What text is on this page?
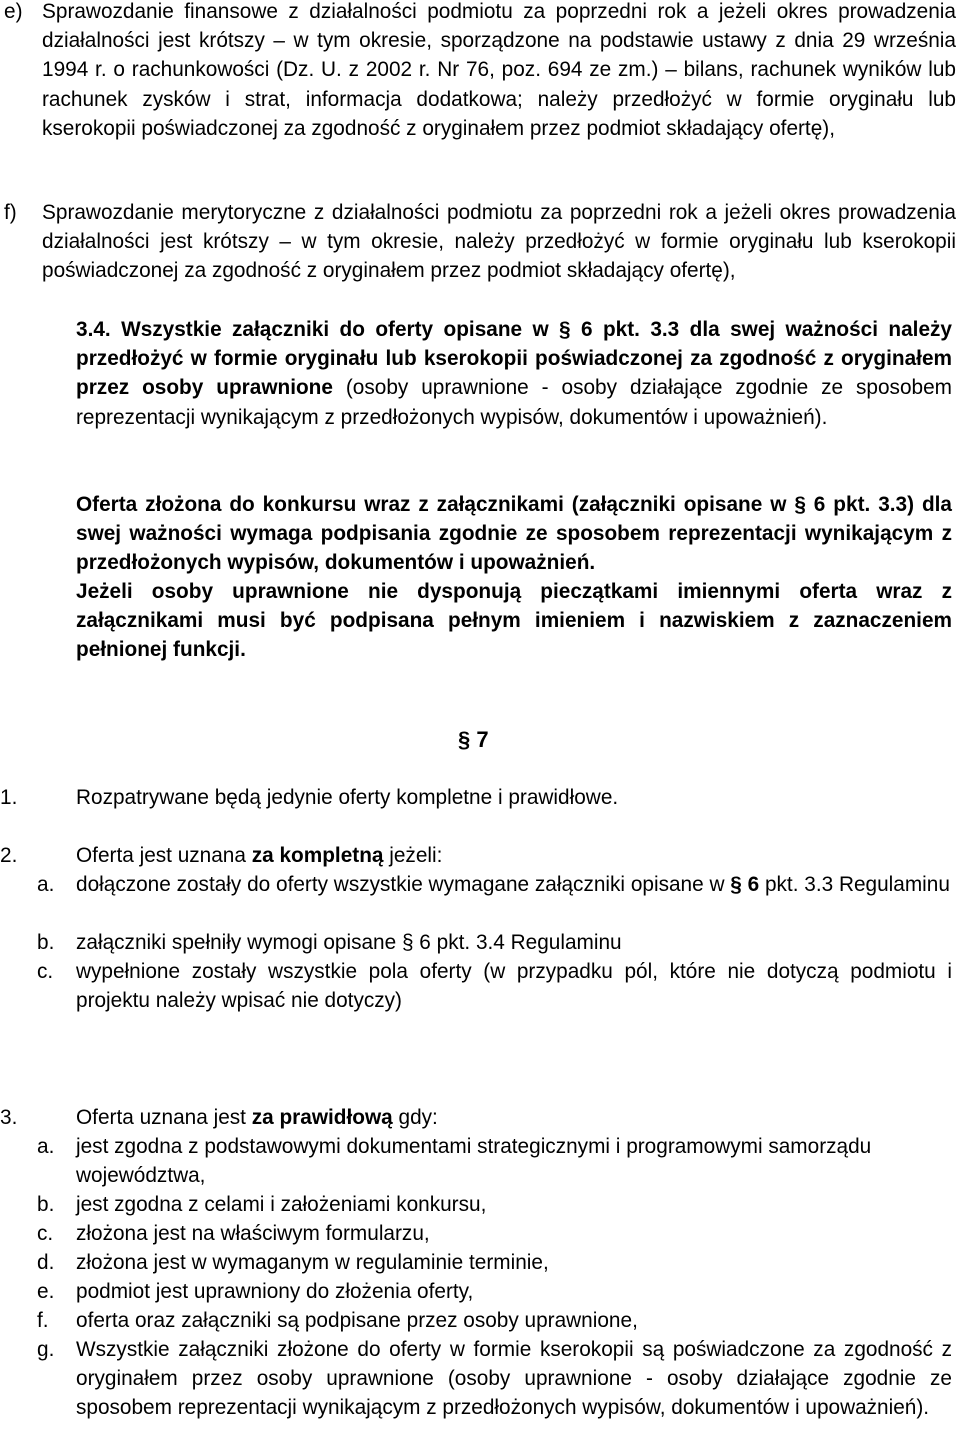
e) Sprawozdanie finansowe z działalności podmiotu za poprzedni rok a jeżeli okres prowadzenia działalności jest krótszy – w tym okresie, sporządzone na podstawie ustawy z dnia 29 września 1994 r. o rachunkowości (Dz. U. z 2002 r. Nr 76, poz. 694 ze zm.) – bilans, rachunek wyników lub rachunek zysków i strat, informacja dodatkowa; należy przedłożyć w formie oryginału lub kserokopii poświadczonej za zgodność z oryginałem przez podmiot składający ofertę),
f)	Sprawozdanie merytoryczne z działalności podmiotu za poprzedni rok a jeżeli okres prowadzenia działalności jest krótszy – w tym okresie, należy przedłożyć w formie oryginału lub kserokopii poświadczonej za zgodność z oryginałem przez podmiot składający ofertę),
3.4. Wszystkie załączniki do oferty opisane w § 6 pkt. 3.3 dla swej ważności należy przedłożyć w formie oryginału lub kserokopii poświadczonej za zgodność z oryginałem przez osoby uprawnione (osoby uprawnione - osoby działające zgodnie ze sposobem reprezentacji wynikającym z przedłożonych wypisów, dokumentów i upoważnień).
Oferta złożona do konkursu wraz z załącznikami (załączniki opisane w § 6 pkt. 3.3) dla swej ważności wymaga podpisania zgodnie ze sposobem reprezentacji wynikającym z przedłożonych wypisów, dokumentów i upoważnień.
Jeżeli osoby uprawnione nie dysponują pieczątkami imiennymi oferta wraz z załącznikami musi być podpisana pełnym imieniem i nazwiskiem z zaznaczeniem pełnionej funkcji.
§ 7
1.	Rozpatrywane będą jedynie oferty kompletne i prawidłowe.
2.	Oferta jest uznana za kompletną jeżeli:
a.	dołączone zostały do oferty wszystkie wymagane załączniki opisane w § 6 pkt. 3.3 Regulaminu
b.	załączniki spełniły wymogi opisane § 6 pkt. 3.4 Regulaminu
c.	wypełnione zostały wszystkie pola oferty (w przypadku pól, które nie dotyczą podmiotu i projektu należy wpisać nie dotyczy)
3.	Oferta uznana jest za prawidłową gdy:
a.	jest zgodna z podstawowymi dokumentami strategicznymi i programowymi samorządu województwa,
b.	jest zgodna z celami i założeniami konkursu,
c.	złożona jest na właściwym formularzu,
d.	złożona jest w wymaganym w regulaminie terminie,
e.	podmiot jest uprawniony do złożenia oferty,
f.	oferta oraz załączniki są podpisane przez osoby uprawnione,
g.	Wszystkie załączniki złożone do oferty w formie kserokopii są poświadczone za zgodność z oryginałem przez osoby uprawnione (osoby uprawnione - osoby działające zgodnie ze sposobem reprezentacji wynikającym z przedłożonych wypisów, dokumentów i upoważnień).
